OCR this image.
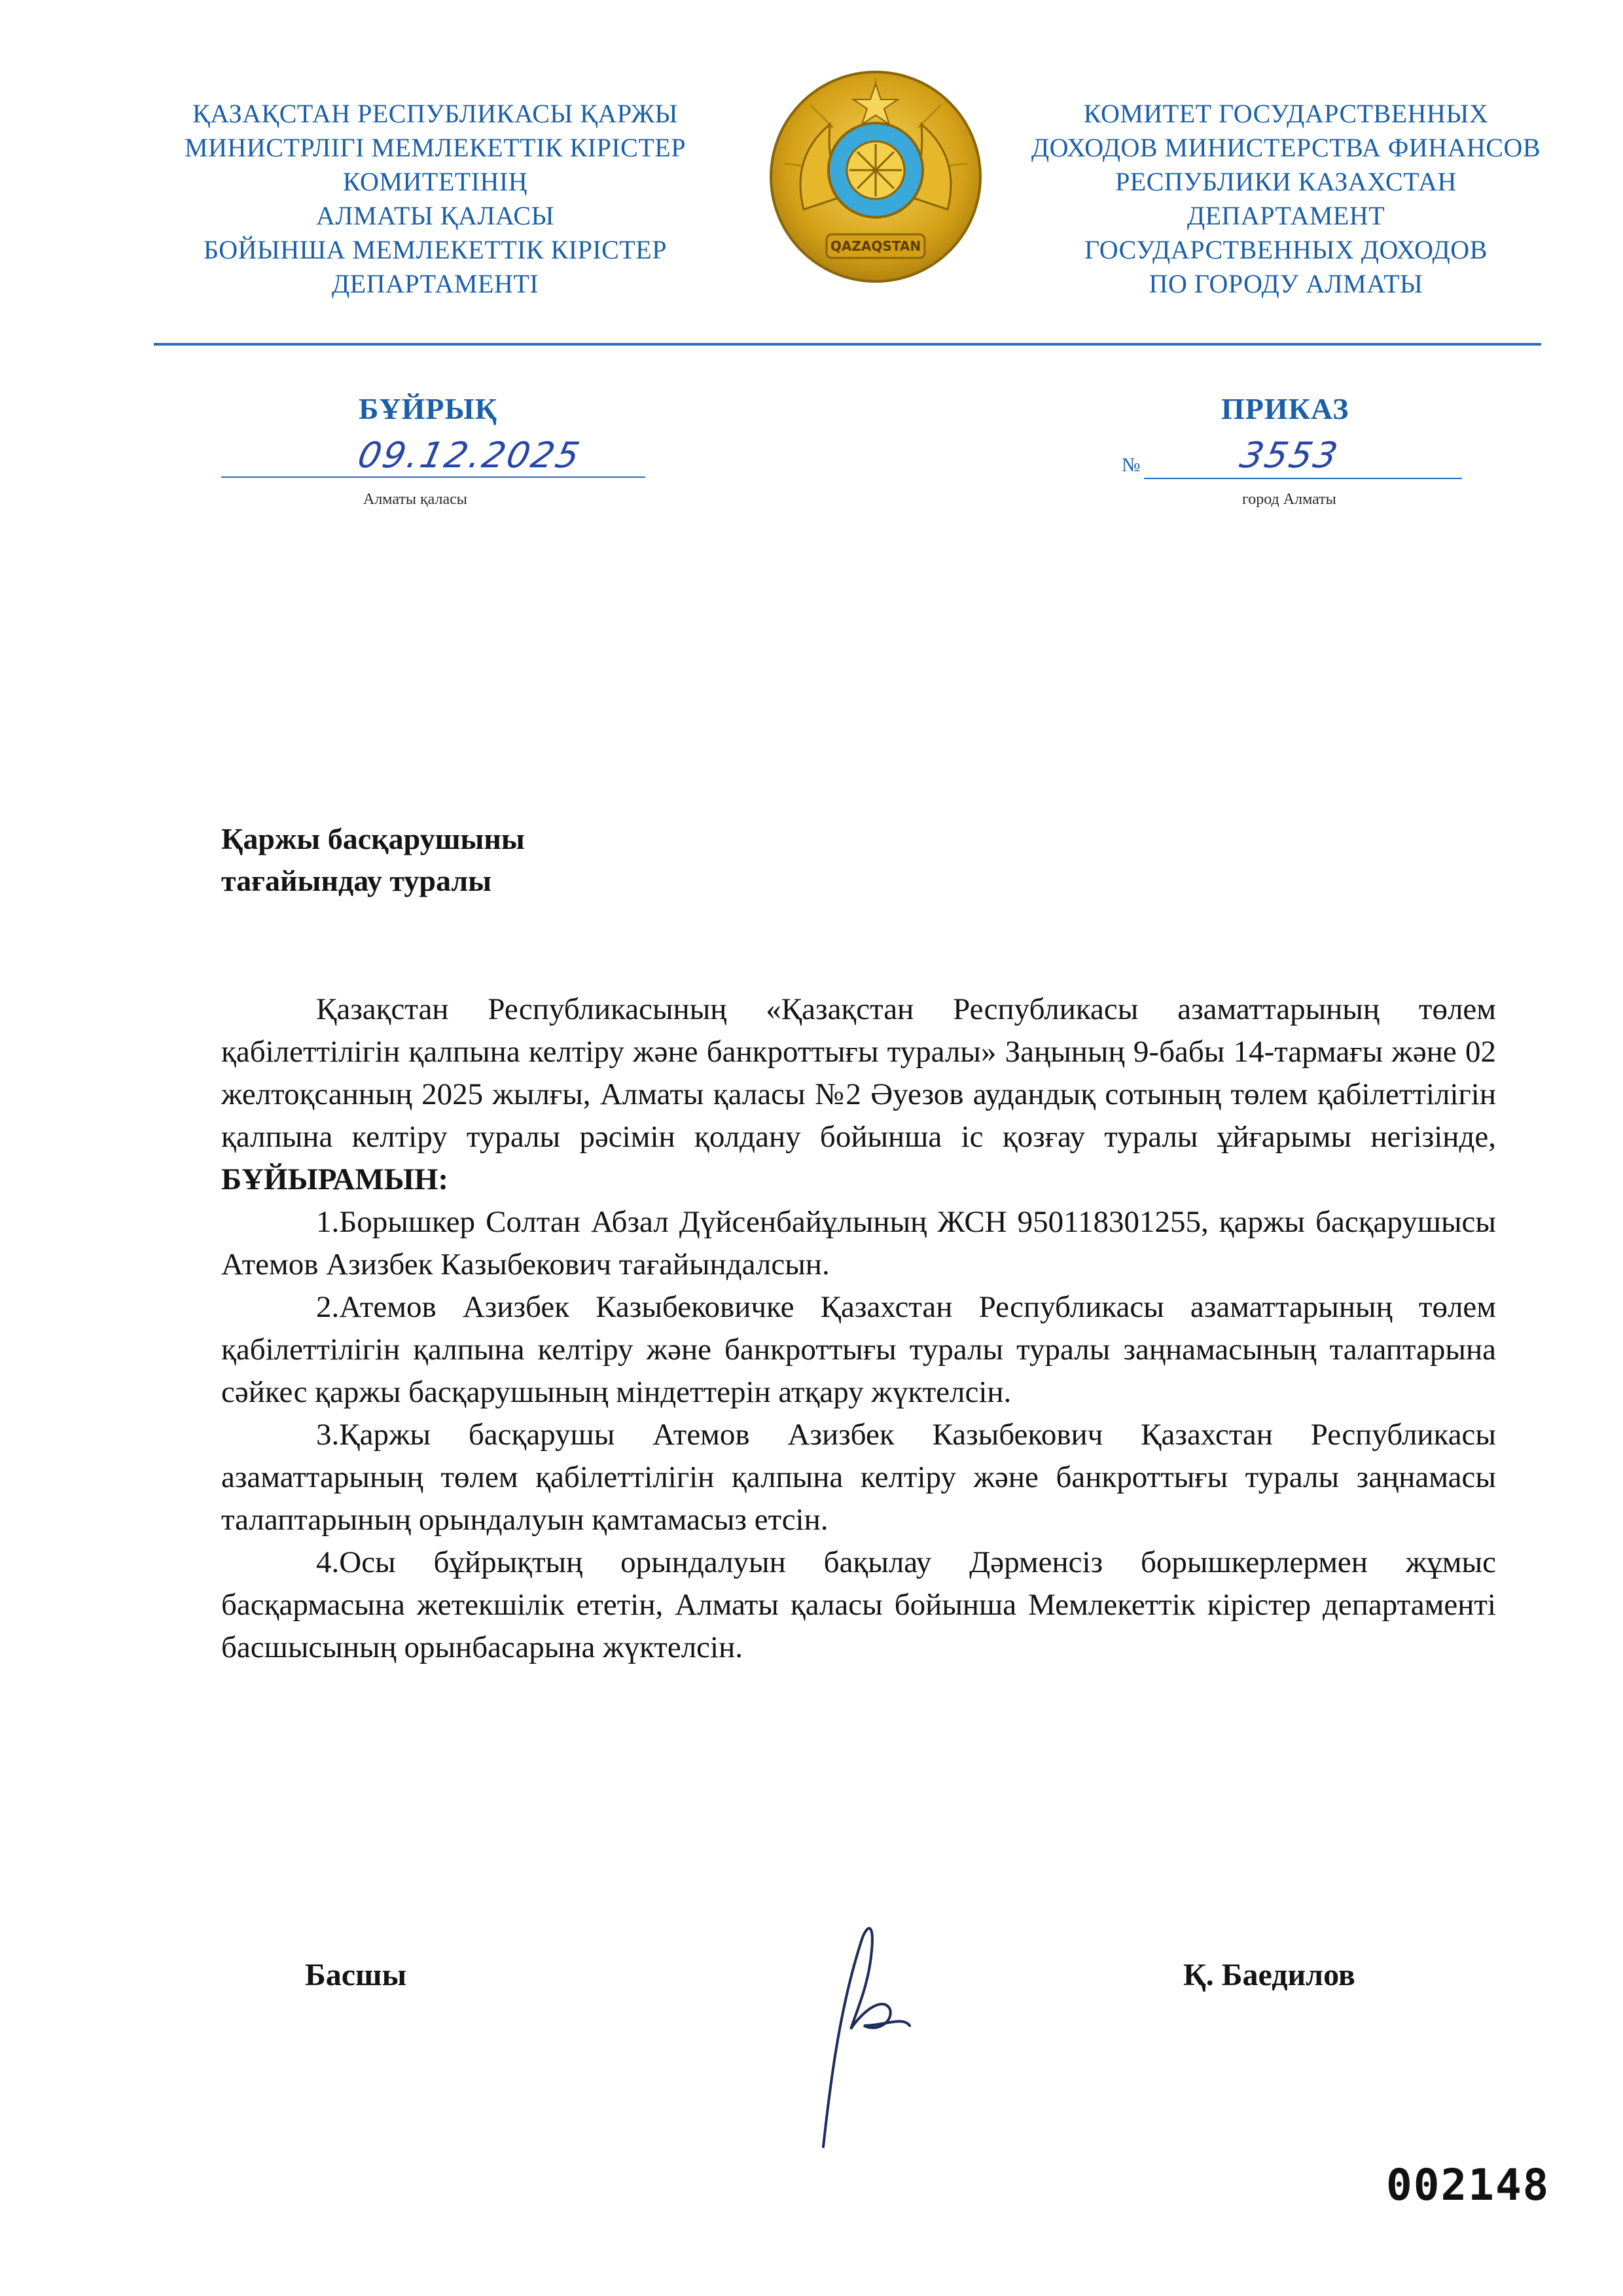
ҚАЗАҚСТАН РЕСПУБЛИКАСЫ ҚАРЖЫ
МИНИСТРЛІГІ МЕМЛЕКЕТТІК КІРІСТЕР
КОМИТЕТІНІҢ
АЛМАТЫ ҚАЛАСЫ
БОЙЫНША МЕМЛЕКЕТТІК КІРІСТЕР
ДЕПАРТАМЕНТІ
QAZAQSTAN
КОМИТЕТ ГОСУДАРСТВЕННЫХ
ДОХОДОВ МИНИСТЕРСТВА ФИНАНСОВ
РЕСПУБЛИКИ КАЗАХСТАН
ДЕПАРТАМЕНТ
ГОСУДАРСТВЕННЫХ ДОХОДОВ
ПО ГОРОДУ АЛМАТЫ
БҰЙРЫҚ	ПРИКАЗ
09.12.2025
Алматы қаласы
№	3553
город Алматы
Қаржы басқарушыны
тағайындау туралы
Қазақстан Республикасының «Қазақстан Республикасы азаматтарының төлем қабілеттілігін қалпына келтіру және банкроттығы туралы» Заңының 9-бабы 14-тармағы және 02 желтоқсанның 2025 жылғы, Алматы қаласы №2 Әуезов аудандық сотының төлем қабілеттілігін қалпына келтіру туралы рәсімін қолдану бойынша іс қозғау туралы ұйғарымы негізінде, БҰЙЫРАМЫН:
1.Борышкер Солтан Абзал Дүйсенбайұлының ЖСН 950118301255, қаржы басқарушысы Атемов Азизбек Казыбекович тағайындалсын.
2.Атемов Азизбек Казыбековичке Қазахстан Республикасы азаматтарының төлем қабілеттілігін қалпына келтіру және банкроттығы туралы туралы заңнамасының талаптарына сәйкес қаржы басқарушының міндеттерін атқару жүктелсін.
3.Қаржы басқарушы Атемов Азизбек Казыбекович Қазахстан Республикасы азаматтарының төлем қабілеттілігін қалпына келтіру және банкроттығы туралы заңнамасы талаптарының орындалуын қамтамасыз етсін.
4.Осы бұйрықтың орындалуын бақылау Дәрменсіз борышкерлермен жұмыс басқармасына жетекшілік ететін, Алматы қаласы бойынша Мемлекеттік кірістер департаменті басшысының орынбасарына жүктелсін.
Басшы	Қ. Баедилов
002148
